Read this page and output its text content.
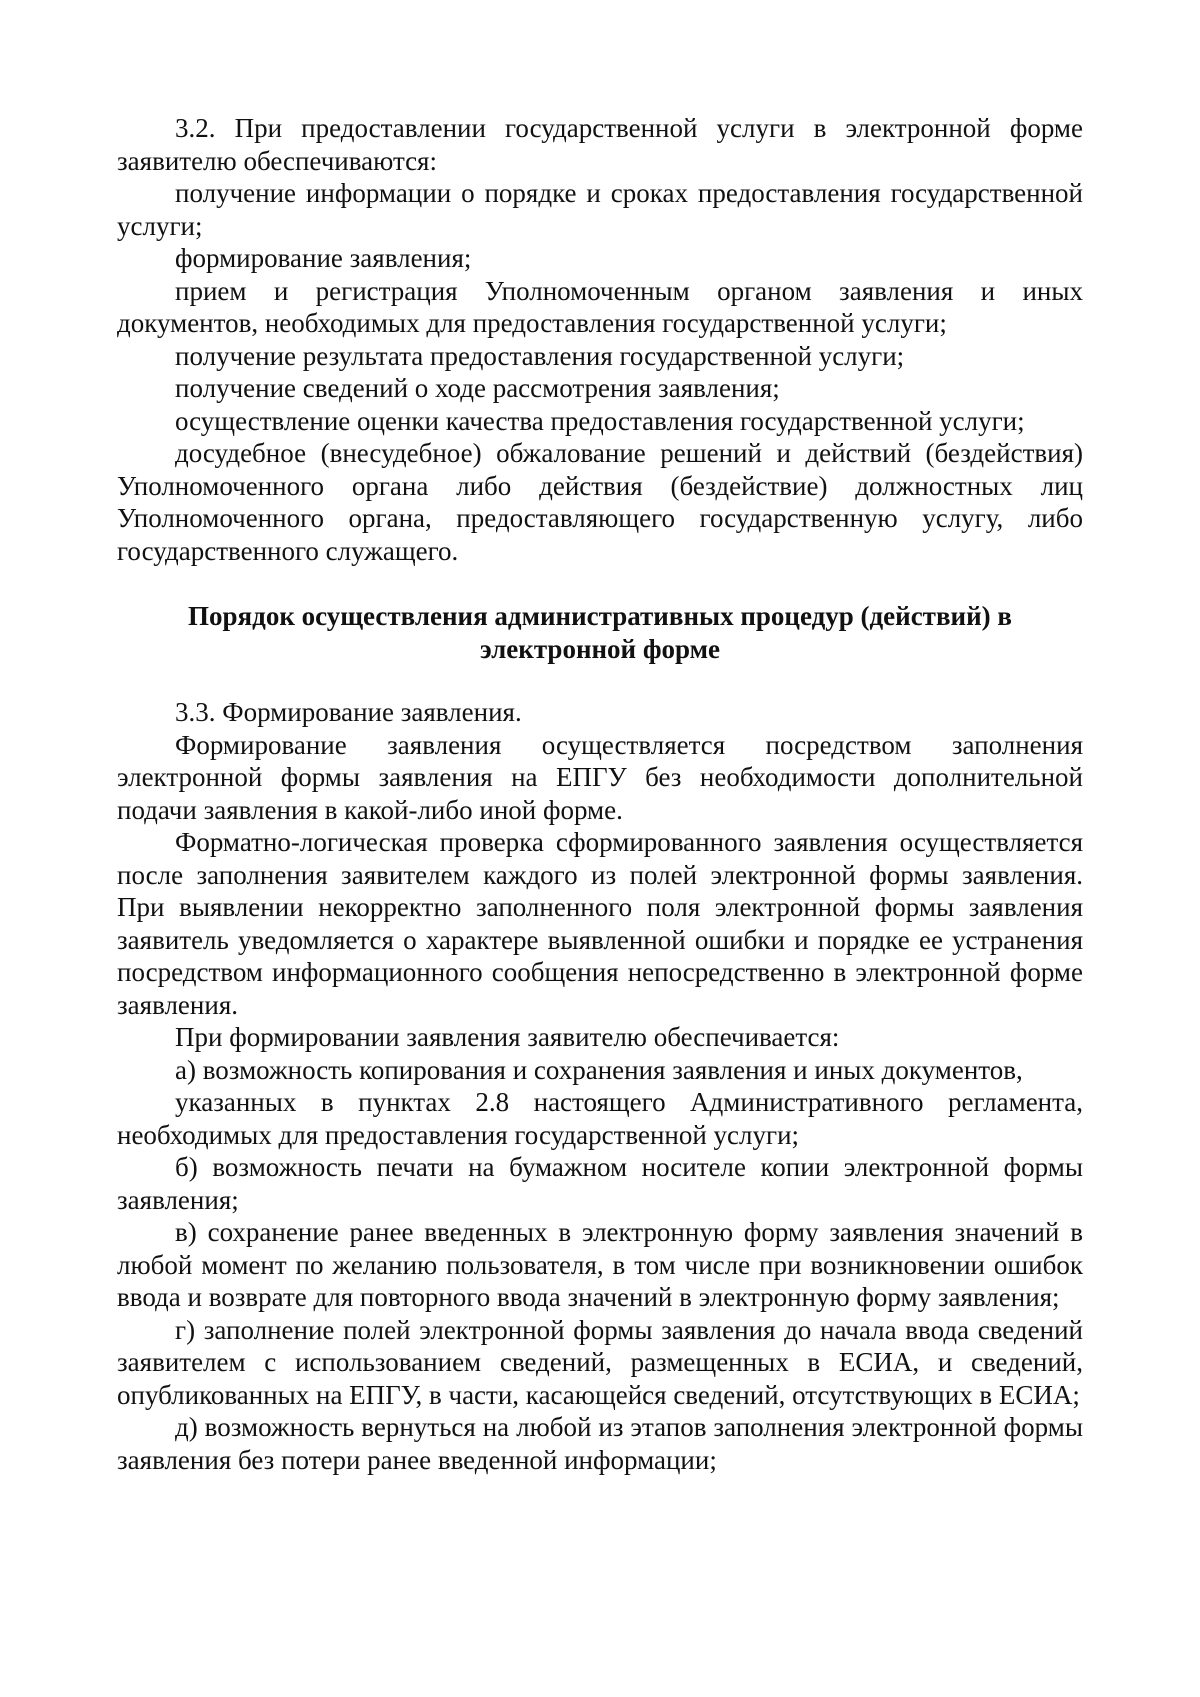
3.2. При предоставлении государственной услуги в электронной форме заявителю обеспечиваются:

получение информации о порядке и сроках предоставления государственной услуги;

формирование заявления;

прием и регистрация Уполномоченным органом заявления и иных документов, необходимых для предоставления государственной услуги;

получение результата предоставления государственной услуги;

получение сведений о ходе рассмотрения заявления;

осуществление оценки качества предоставления государственной услуги;

досудебное (внесудебное) обжалование решений и действий (бездействия) Уполномоченного органа либо действия (бездействие) должностных лиц Уполномоченного органа, предоставляющего государственную услугу, либо государственного служащего.

Порядок осуществления административных процедур (действий) в электронной форме

3.3. Формирование заявления.

Формирование заявления осуществляется посредством заполнения электронной формы заявления на ЕПГУ без необходимости дополнительной подачи заявления в какой-либо иной форме.

Форматно-логическая проверка сформированного заявления осуществляется после заполнения заявителем каждого из полей электронной формы заявления. При выявлении некорректно заполненного поля электронной формы заявления заявитель уведомляется о характере выявленной ошибки и порядке ее устранения посредством информационного сообщения непосредственно в электронной форме заявления.

При формировании заявления заявителю обеспечивается:

а) возможность копирования и сохранения заявления и иных документов,

указанных в пунктах 2.8 настоящего Административного регламента, необходимых для предоставления государственной услуги;

б) возможность печати на бумажном носителе копии электронной формы заявления;

в) сохранение ранее введенных в электронную форму заявления значений в любой момент по желанию пользователя, в том числе при возникновении ошибок ввода и возврате для повторного ввода значений в электронную форму заявления;

г) заполнение полей электронной формы заявления до начала ввода сведений заявителем с использованием сведений, размещенных в ЕСИА, и сведений, опубликованных на ЕПГУ, в части, касающейся сведений, отсутствующих в ЕСИА;

д) возможность вернуться на любой из этапов заполнения электронной формы заявления без потери ранее введенной информации;
